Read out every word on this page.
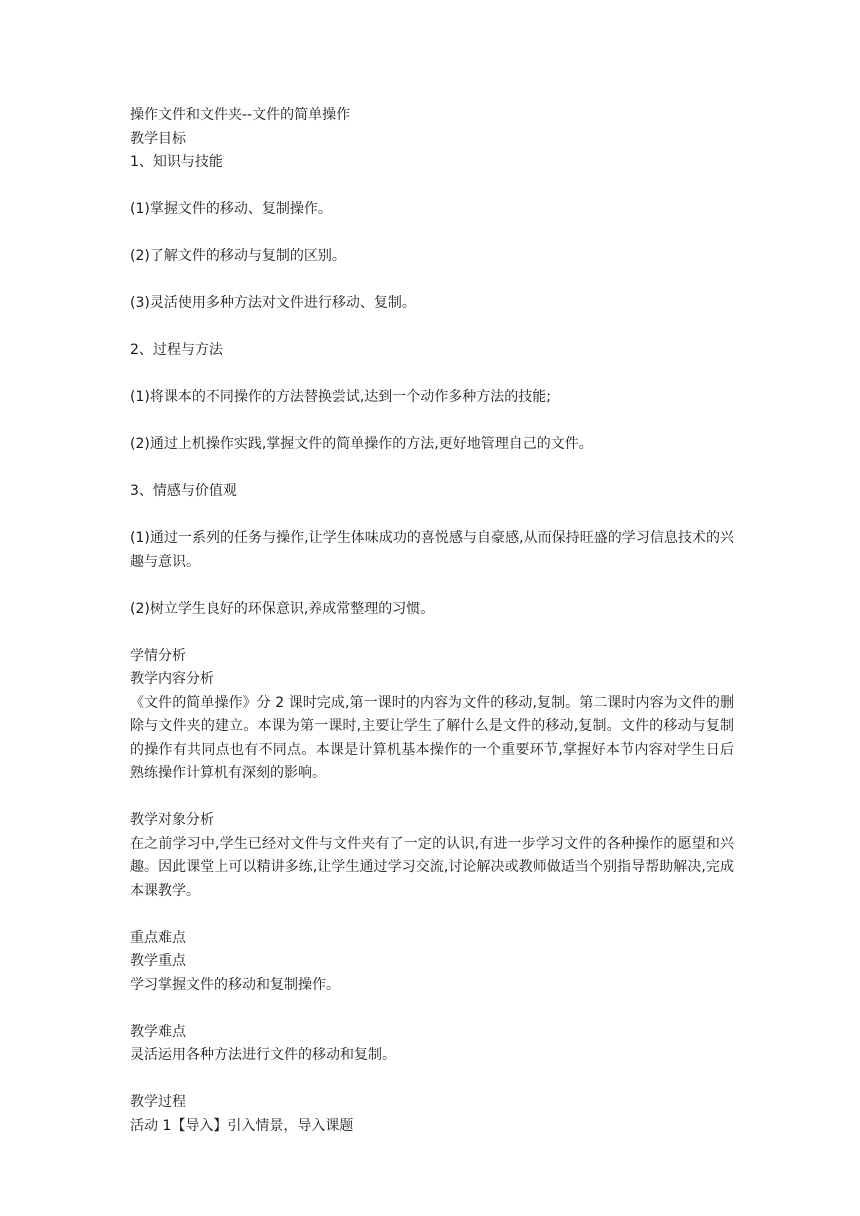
操作文件和文件夹--文件的简单操作
教学目标
1、知识与技能
(1)掌握文件的移动、复制操作。
(2)了解文件的移动与复制的区别。
(3)灵活使用多种方法对文件进行移动、复制。
2、过程与方法
(1)将课本的不同操作的方法替换尝试,达到一个动作多种方法的技能;
(2)通过上机操作实践,掌握文件的简单操作的方法,更好地管理自己的文件。
3、情感与价值观
(1)通过一系列的任务与操作,让学生体味成功的喜悦感与自豪感,从而保持旺盛的学习信息技术的兴趣与意识。
(2)树立学生良好的环保意识,养成常整理的习惯。
学情分析
教学内容分析
《文件的简单操作》分 2 课时完成,第一课时的内容为文件的移动,复制。第二课时内容为文件的删除与文件夹的建立。本课为第一课时,主要让学生了解什么是文件的移动,复制。文件的移动与复制的操作有共同点也有不同点。本课是计算机基本操作的一个重要环节,掌握好本节内容对学生日后熟练操作计算机有深刻的影响。
教学对象分析
在之前学习中,学生已经对文件与文件夹有了一定的认识,有进一步学习文件的各种操作的愿望和兴趣。因此课堂上可以精讲多练,让学生通过学习交流,讨论解决或教师做适当个别指导帮助解决,完成本课教学。
重点难点
教学重点
学习掌握文件的移动和复制操作。
教学难点
灵活运用各种方法进行文件的移动和复制。
教学过程
活动 1【导入】引入情景，导入课题
